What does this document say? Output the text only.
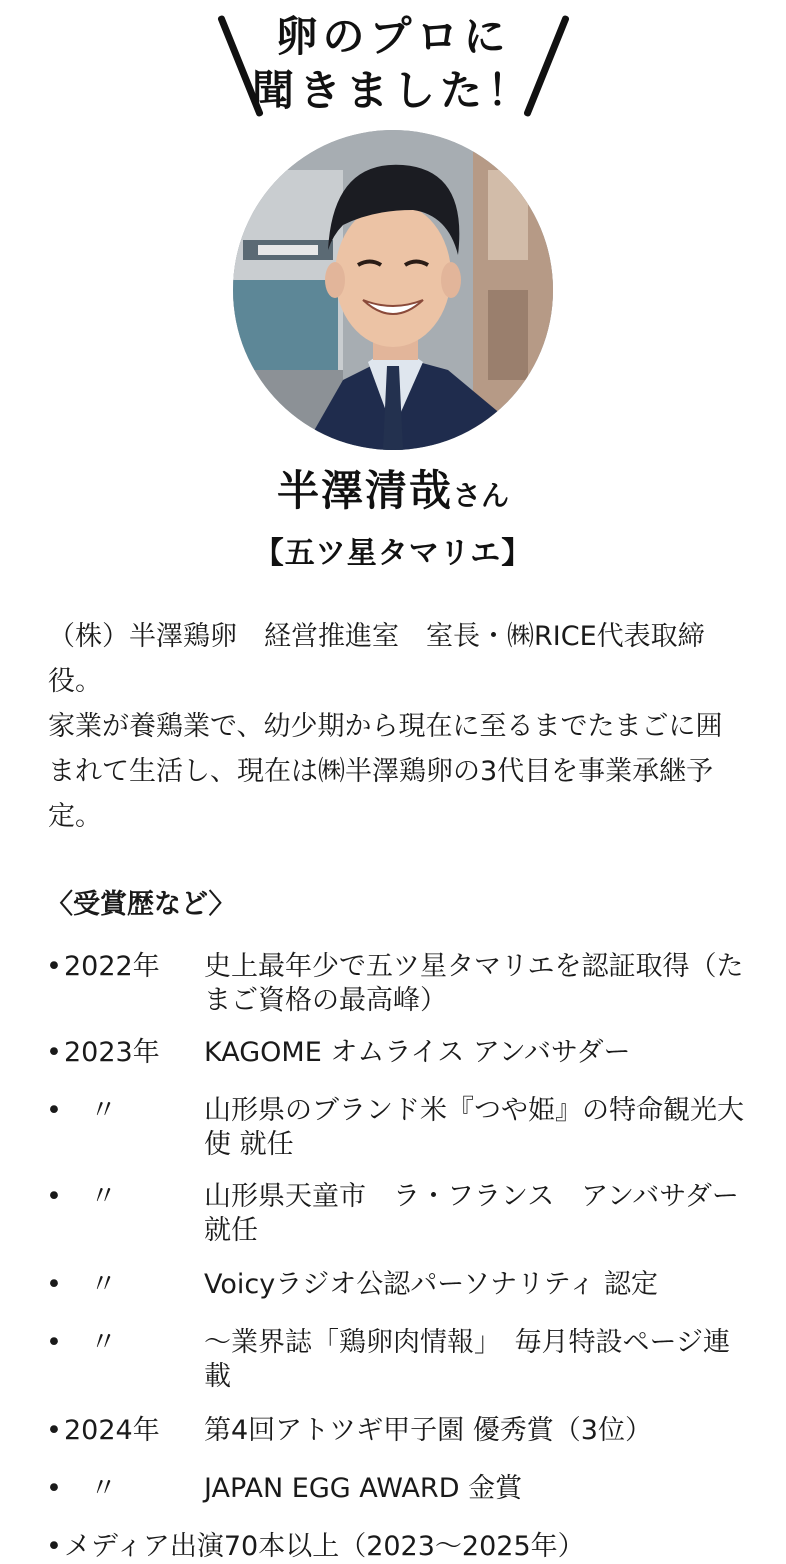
卵のプロに
聞きました！
半澤清哉さん
【五ツ星タマリエ】

（株）半澤鶏卵　経営推進室　室長・㈱RICE代表取締役。

家業が養鶏業で、幼少期から現在に至るまでたまごに囲まれて生活し、現在は㈱半澤鶏卵の3代目を事業承継予定。

〈受賞歴など〉
• 2022年 史上最年少で五ツ星タマリエを認証取得（たまご資格の最高峰）
• 2023年 KAGOME オムライス アンバサダー
• 〃	山形県のブランド米『つや姫』の特命観光大使 就任
• 〃	山形県天童市　ラ・フランス　アンバサダー 就任
• 〃	Voicyラジオ公認パーソナリティ 認定
• 〃	～業界誌「鶏卵肉情報」　毎月特設ページ連載
• 2024年 第4回アトツギ甲子園 優秀賞（3位）
• 〃	JAPAN EGG AWARD 金賞
• メディア出演70本以上（2023～2025年）
